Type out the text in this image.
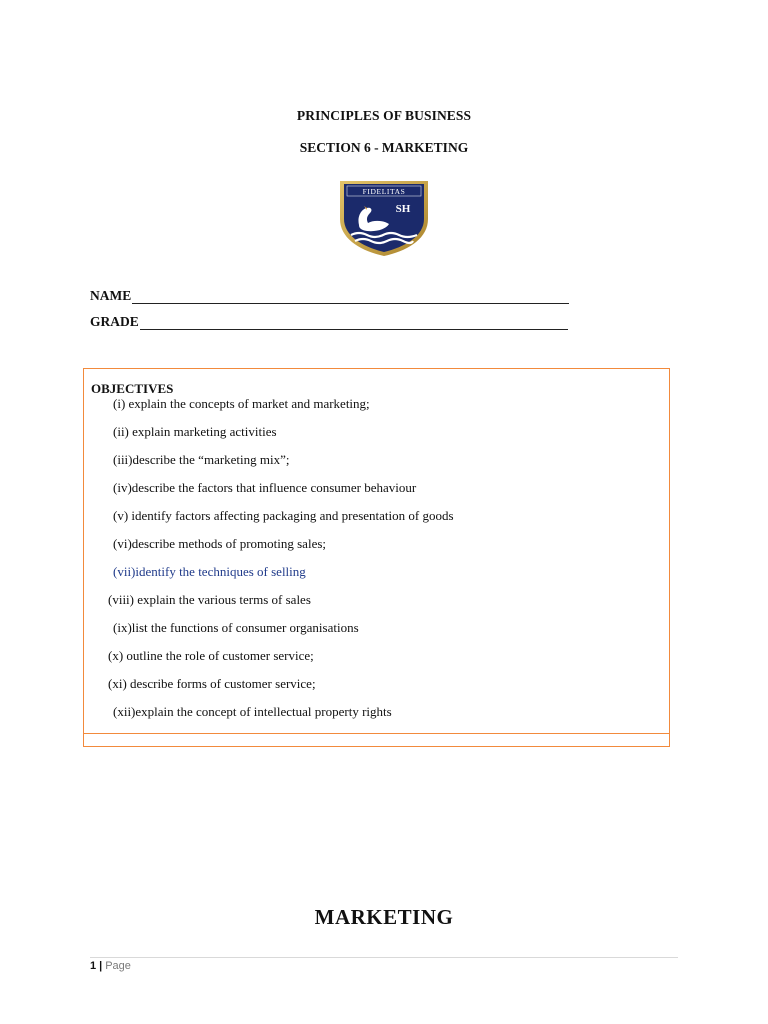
PRINCIPLES OF BUSINESS
SECTION 6 - MARKETING
FIDELITAS
SH
NAME
GRADE
OBJECTIVES
(i) explain the concepts of market and marketing;
(ii) explain marketing activities
(iii)describe the “marketing mix”;
(iv)describe the factors that influence consumer behaviour
(v) identify factors affecting packaging and presentation of goods
(vi)describe methods of promoting sales;
(vii)identify the techniques of selling
(viii) explain the various terms of sales
(ix)list the functions of consumer organisations
(x) outline the role of customer service;
(xi) describe forms of customer service;
(xii)explain the concept of intellectual property rights
MARKETING
1 | Page
